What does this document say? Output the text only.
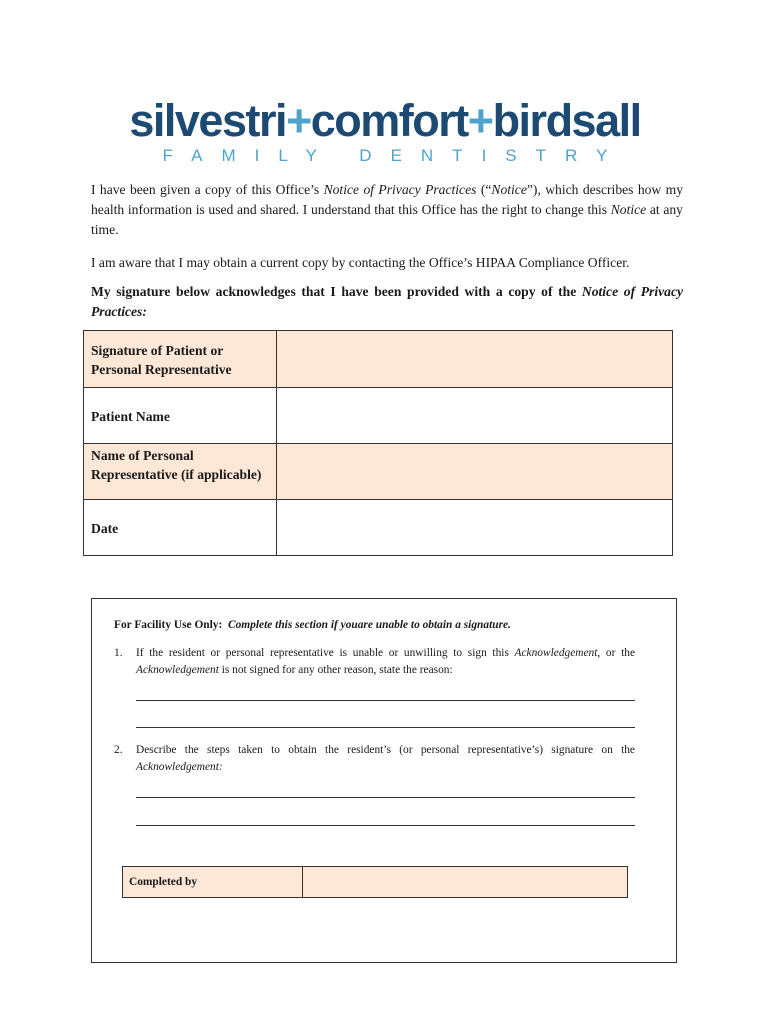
silvestri+comfort+birdsall
FAMILY DENTISTRY
I have been given a copy of this Office’s Notice of Privacy Practices (“Notice”), which describes how my health information is used and shared. I understand that this Office has the right to change this Notice at any time.
I am aware that I may obtain a current copy by contacting the Office’s HIPAA Compliance Officer.
My signature below acknowledges that I have been provided with a copy of the Notice of Privacy Practices:
Signature of Patient or Personal Representative	
Patient Name	
Name of Personal Representative (if applicable)	
Date	
For Facility Use Only: Complete this section if youare unable to obtain a signature.
1. If the resident or personal representative is unable or unwilling to sign this Acknowledgement, or the Acknowledgement is not signed for any other reason, state the reason:
2. Describe the steps taken to obtain the resident’s (or personal representative’s) signature on the Acknowledgement:
Completed by	
